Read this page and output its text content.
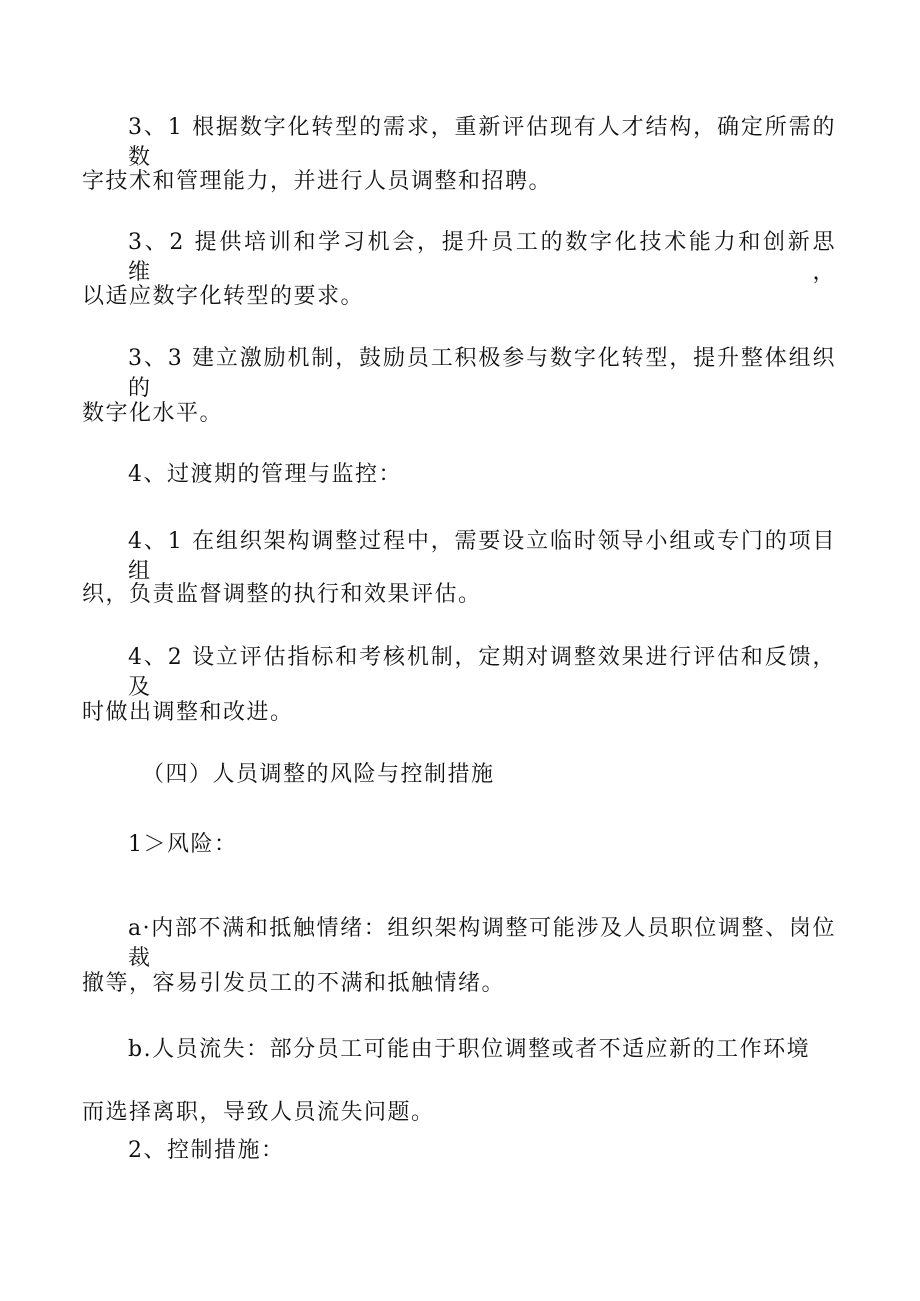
3、1 根据数字化转型的需求，重新评估现有人才结构，确定所需的数
字技术和管理能力，并进行人员调整和招聘。
3、2 提供培训和学习机会，提升员工的数字化技术能力和创新思维，
以适应数字化转型的要求。
3、3 建立激励机制，鼓励员工积极参与数字化转型，提升整体组织的
数字化水平。
4、过渡期的管理与监控：
4、1 在组织架构调整过程中，需要设立临时领导小组或专门的项目组
织，负责监督调整的执行和效果评估。
4、2 设立评估指标和考核机制，定期对调整效果进行评估和反馈，及
时做出调整和改进。
（四）人员调整的风险与控制措施
1＞风险：
a·内部不满和抵触情绪：组织架构调整可能涉及人员职位调整、岗位裁
撤等，容易引发员工的不满和抵触情绪。
b.人员流失：部分员工可能由于职位调整或者不适应新的工作环境
而选择离职，导致人员流失问题。
2、控制措施：
